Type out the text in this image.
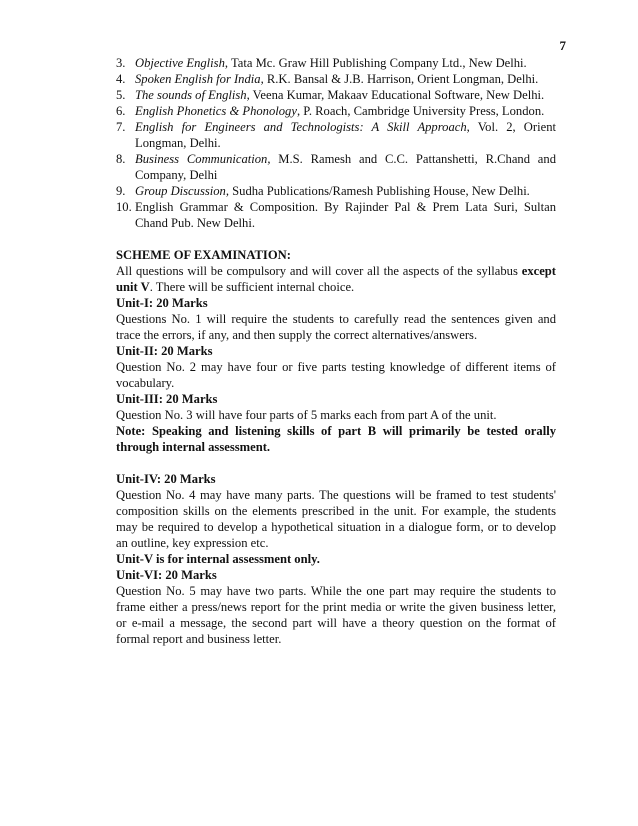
7
3. Objective English, Tata Mc. Graw Hill Publishing Company Ltd., New Delhi.
4. Spoken English for India, R.K. Bansal & J.B. Harrison, Orient Longman, Delhi.
5. The sounds of English, Veena Kumar, Makaav Educational Software, New Delhi.
6. English Phonetics & Phonology, P. Roach, Cambridge University Press, London.
7. English for Engineers and Technologists: A Skill Approach, Vol. 2, Orient Longman, Delhi.
8. Business Communication, M.S. Ramesh and C.C. Pattanshetti, R.Chand and Company, Delhi
9. Group Discussion, Sudha Publications/Ramesh Publishing House, New Delhi.
10. English Grammar & Composition. By Rajinder Pal & Prem Lata Suri, Sultan Chand Pub. New Delhi.

SCHEME OF EXAMINATION:

All questions will be compulsory and will cover all the aspects of the syllabus except unit V. There will be sufficient internal choice.

Unit-I: 20 Marks

Questions No. 1 will require the students to carefully read the sentences given and trace the errors, if any, and then supply the correct alternatives/answers.

Unit-II: 20 Marks

Question No. 2 may have four or five parts testing knowledge of different items of vocabulary.

Unit-III: 20 Marks

Question No. 3 will have four parts of 5 marks each from part A of the unit.

Note: Speaking and listening skills of part B will primarily be tested orally through internal assessment.

Unit-IV: 20 Marks

Question No. 4 may have many parts. The questions will be framed to test students' composition skills on the elements prescribed in the unit. For example, the students may be required to develop a hypothetical situation in a dialogue form, or to develop an outline, key expression etc.

Unit-V is for internal assessment only.

Unit-VI: 20 Marks

Question No. 5 may have two parts. While the one part may require the students to frame either a press/news report for the print media or write the given business letter, or e-mail a message, the second part will have a theory question on the format of formal report and business letter.
